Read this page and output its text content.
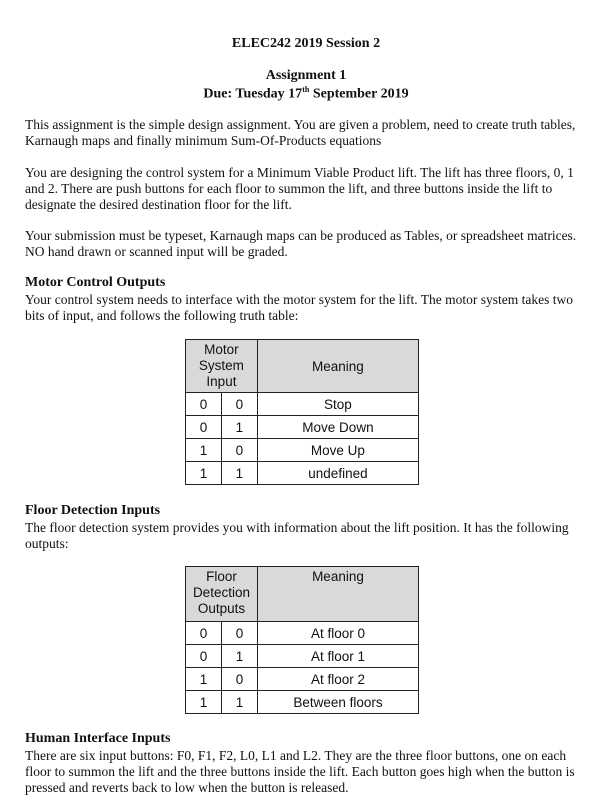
ELEC242 2019 Session 2
Assignment 1
Due: Tuesday 17th September 2019

This assignment is the simple design assignment. You are given a problem, need to create truth tables, Karnaugh maps and finally minimum Sum-Of-Products equations

You are designing the control system for a Minimum Viable Product lift. The lift has three floors, 0, 1 and 2. There are push buttons for each floor to summon the lift, and three buttons inside the lift to designate the desired destination floor for the lift.

Your submission must be typeset, Karnaugh maps can be produced as Tables, or spreadsheet matrices. NO hand drawn or scanned input will be graded.

Motor Control Outputs

Your control system needs to interface with the motor system for the lift. The motor system takes two bits of input, and follows the following truth table:

Motor System Input		Meaning
0	0	Stop
0	1	Move Down
1	0	Move Up
1	1	undefined
Floor Detection Inputs

The floor detection system provides you with information about the lift position. It has the following outputs:

Floor Detection Outputs		Meaning
0	0	At floor 0
0	1	At floor 1
1	0	At floor 2
1	1	Between floors
Human Interface Inputs

There are six input buttons: F0, F1, F2, L0, L1 and L2. They are the three floor buttons, one on each floor to summon the lift and the three buttons inside the lift. Each button goes high when the button is pressed and reverts back to low when the button is released.
